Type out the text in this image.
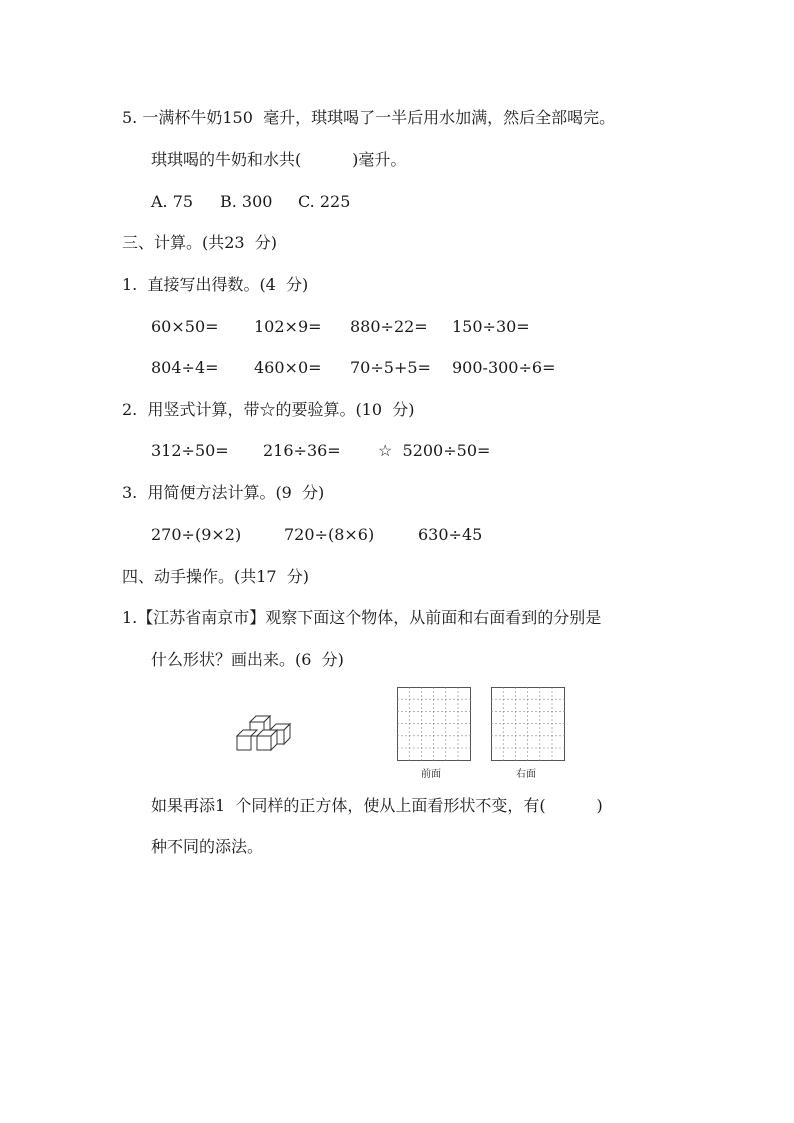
5. 一满杯牛奶150  毫升，琪琪喝了一半后用水加满，然后全部喝完。
琪琪喝的牛奶和水共(          )毫升。
A. 75 B. 300 C. 225
三、计算。(共23  分)
1.  直接写出得数。(4  分)
60×50= 102×9= 880÷22= 150÷30=
804÷4= 460×0= 70÷5+5= 900-300÷6=
2.  用竖式计算，带☆的要验算。(10  分)
312÷50= 216÷36= ☆  5200÷50=
3.  用简便方法计算。(9  分)
270÷(9×2)	720÷(8×6)	630÷45
四、动手操作。(共17  分)
1.【江苏省南京市】观察下面这个物体，从前面和右面看到的分别是
什么形状？画出来。(6  分)
前面	右面
如果再添1  个同样的正方体，使从上面看形状不变，有(          )
种不同的添法。
